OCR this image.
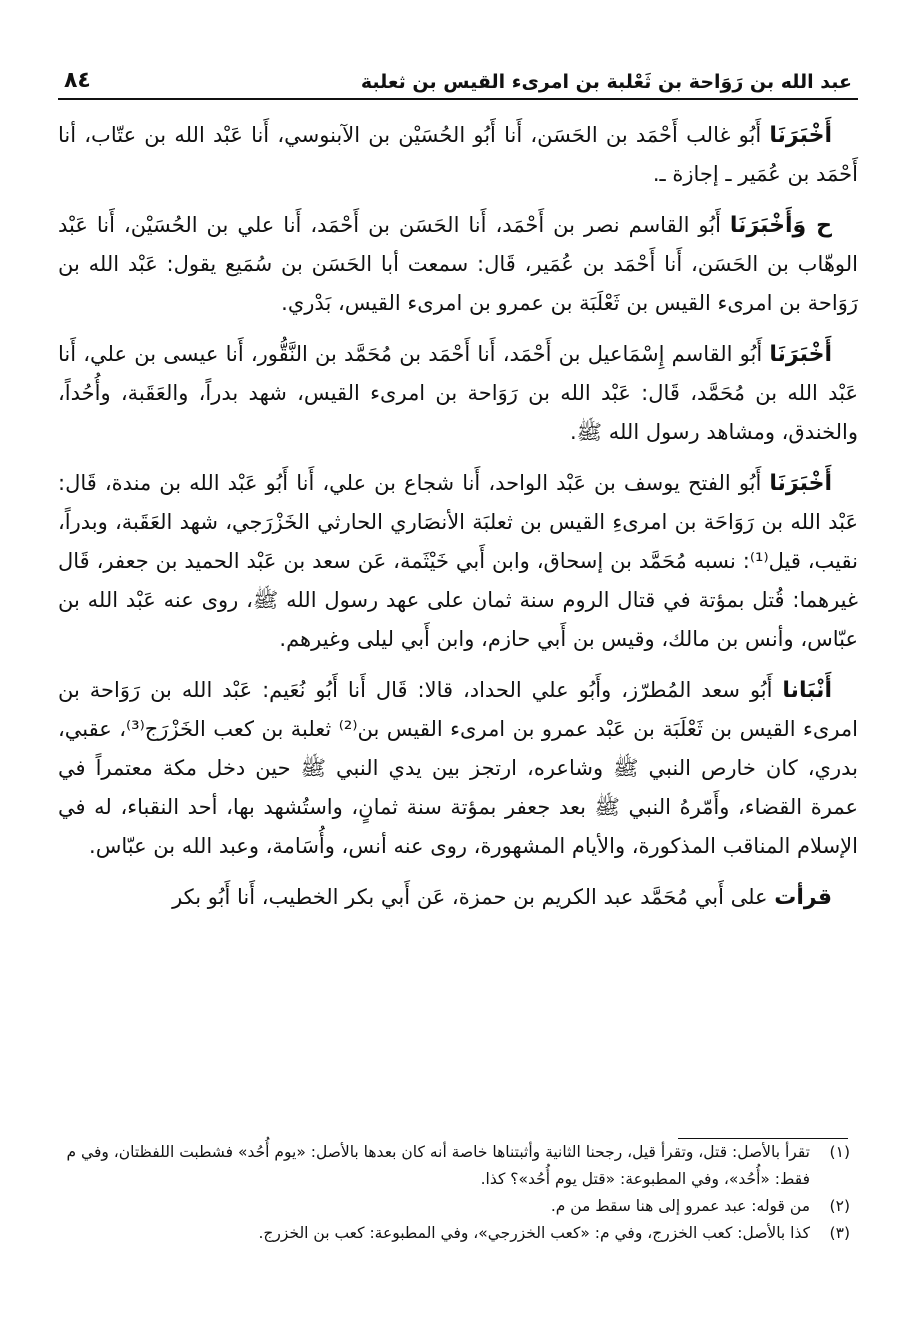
عبد الله بن رَوَاحة بن ثَعْلبة بن امرىء القيس بن ثعلبة
٨٤

أَخْبَرَنَا أَبُو غالب أَحْمَد بن الحَسَن، أَنا أَبُو الحُسَيْن بن الآبنوسي، أَنا عَبْد الله بن عتّاب، أنا أَحْمَد بن عُمَير ـ إجازة ـ.

ح وَأَخْبَرَنَا أَبُو القاسم نصر بن أَحْمَد، أَنا الحَسَن بن أَحْمَد، أَنا علي بن الحُسَيْن، أَنا عَبْد الوهّاب بن الحَسَن، أَنا أَحْمَد بن عُمَير، قَال: سمعت أبا الحَسَن بن سُمَيع يقول: عَبْد الله بن رَوَاحة بن امرىء القيس بن ثَعْلَبَة بن عمرو بن امرىء القيس، بَدْري.

أَخْبَرَنَا أَبُو القاسم إِسْمَاعيل بن أَحْمَد، أَنا أَحْمَد بن مُحَمَّد بن النَّقُّور، أَنا عيسى بن علي، أَنا عَبْد الله بن مُحَمَّد، قَال: عَبْد الله بن رَوَاحة بن امرىء القيس، شهد بدراً، والعَقَبة، وأُحُداً، والخندق، ومشاهد رسول الله ﷺ.

أَخْبَرَنَا أَبُو الفتح يوسف بن عَبْد الواحد، أَنا شجاع بن علي، أَنا أَبُو عَبْد الله بن مندة، قَال: عَبْد الله بن رَوَاحَة بن امرىءِ القيس بن ثعلبَة الأنصَاري الحارثي الخَزْرَجي، شهد العَقَبة، وبدراً، نقيب، قيل⁽¹⁾: نسبه مُحَمَّد بن إسحاق، وابن أَبي خَيْثَمة، عَن سعد بن عَبْد الحميد بن جعفر، قَال غيرهما: قُتل بمؤتة في قتال الروم سنة ثمان على عهد رسول الله ﷺ، روى عنه عَبْد الله بن عبّاس، وأنس بن مالك، وقيس بن أَبي حازم، وابن أَبي ليلى وغيرهم.

أَنْبَانا أَبُو سعد المُطرّز، وأَبُو علي الحداد، قالا: قَال أَنا أَبُو نُعَيم: عَبْد الله بن رَوَاحة بن امرىء القيس بن ثَعْلَبَة بن عَبْد عمرو بن امرىء القيس بن⁽²⁾ ثعلبة بن كعب الخَزْرَج⁽³⁾، عقبي، بدري، كان خارص النبي ﷺ وشاعره، ارتجز بين يدي النبي ﷺ حين دخل مكة معتمراً في عمرة القضاء، وأَمّرهُ النبي ﷺ بعد جعفر بمؤتة سنة ثمانٍ، واستُشهد بها، أحد النقباء، له في الإسلام المناقب المذكورة، والأيام المشهورة، روى عنه أنس، وأُسَامة، وعبد الله بن عبّاس.

قرأت على أَبي مُحَمَّد عبد الكريم بن حمزة، عَن أَبي بكر الخطيب، أَنا أَبُو بكر

(١)
تقرأ بالأصل: قتل، وتقرأ قيل، رجحنا الثانية وأثبتناها خاصة أنه كان بعدها بالأصل: «يوم أُحُد» فشطبت اللفظتان، وفي م فقط: «أُحُد»، وفي المطبوعة: «قتل يوم أُحُد»؟ كذا.
(٢)
من قوله: عبد عمرو إلى هنا سقط من م.
(٣)
كذا بالأصل: كعب الخزرج، وفي م: «كعب الخزرجي»، وفي المطبوعة: كعب بن الخزرج.
